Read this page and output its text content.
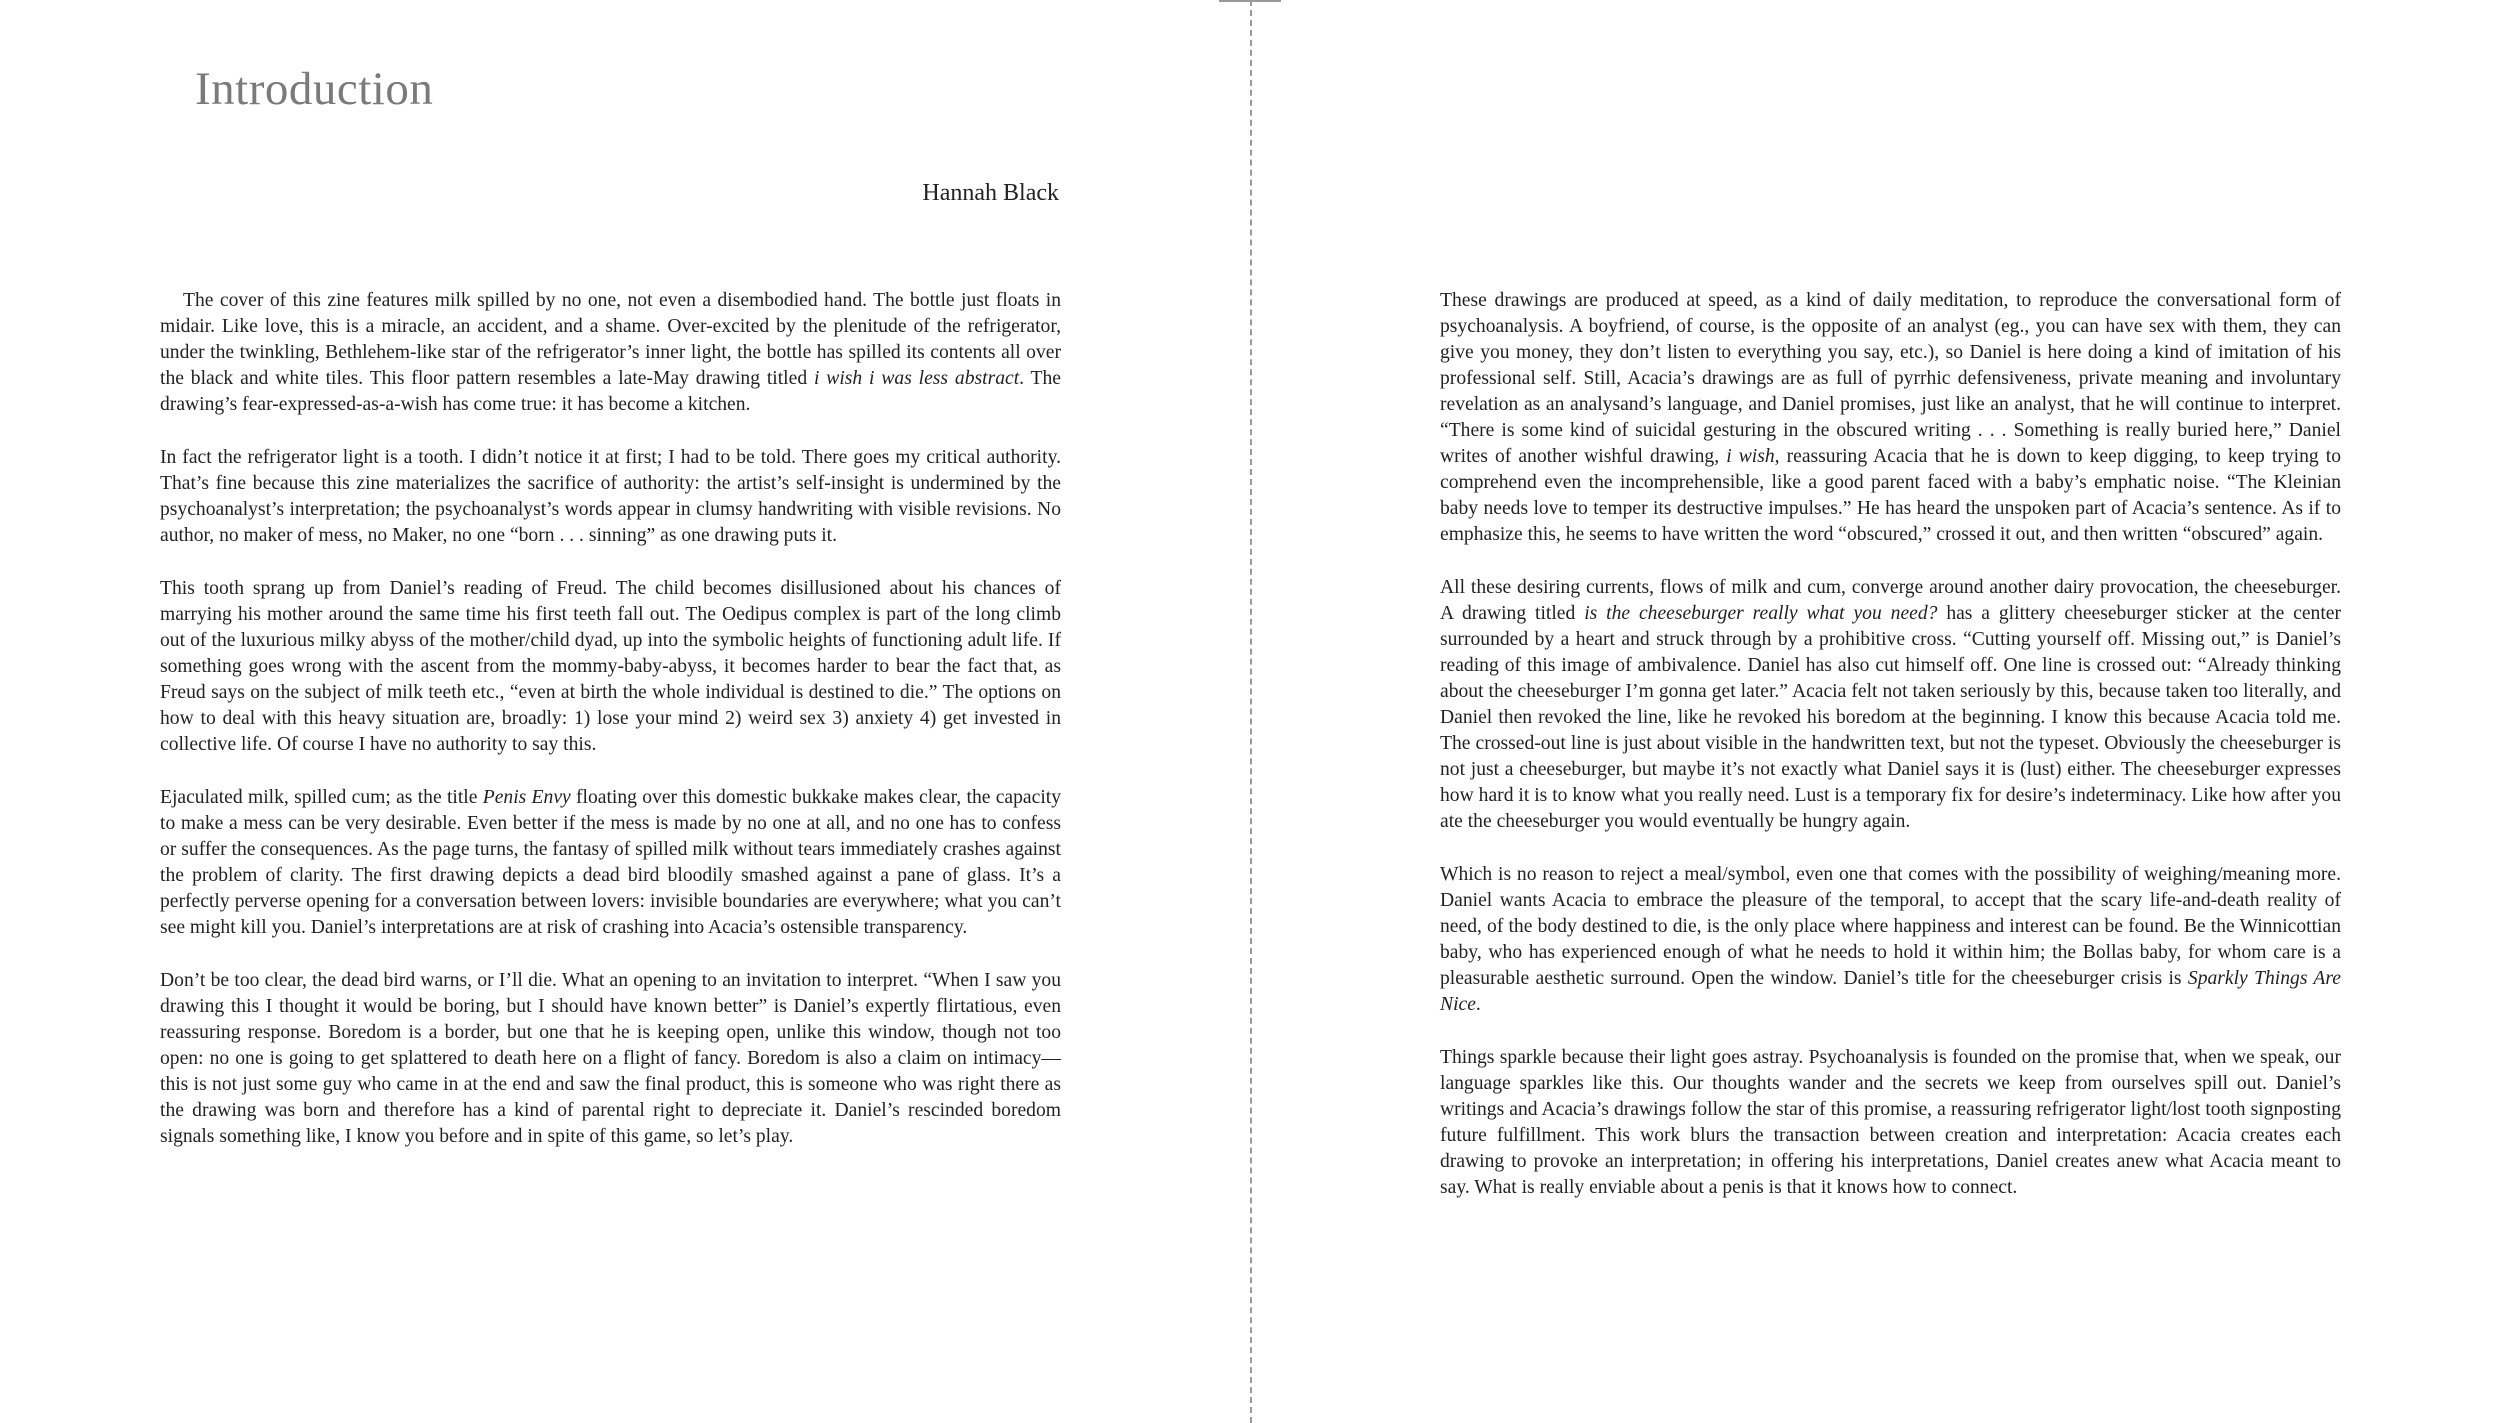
Introduction
Hannah Black

The cover of this zine features milk spilled by no one, not even a disembodied hand. The bottle just floats in midair. Like love, this is a miracle, an accident, and a shame. Over-excited by the plenitude of the refrigerator, under the twinkling, Bethlehem-like star of the refrigerator’s inner light, the bottle has spilled its contents all over the black and white tiles. This floor pattern resembles a late-May drawing titled i wish i was less abstract. The drawing’s fear-expressed-as-a-wish has come true: it has become a kitchen.

In fact the refrigerator light is a tooth. I didn’t notice it at first; I had to be told. There goes my critical authority. That’s fine because this zine materializes the sacrifice of authority: the artist’s self-insight is undermined by the psychoanalyst’s interpretation; the psychoanalyst’s words appear in clumsy handwriting with visible revisions. No author, no maker of mess, no Maker, no one “born . . . sinning” as one drawing puts it.

This tooth sprang up from Daniel’s reading of Freud. The child becomes disillusioned about his chances of marrying his mother around the same time his first teeth fall out. The Oedipus complex is part of the long climb out of the luxurious milky abyss of the mother/child dyad, up into the symbolic heights of functioning adult life. If something goes wrong with the ascent from the mommy-baby-abyss, it becomes harder to bear the fact that, as Freud says on the subject of milk teeth etc., “even at birth the whole individual is destined to die.” The options on how to deal with this heavy situation are, broadly: 1) lose your mind 2) weird sex 3) anxiety 4) get invested in collective life. Of course I have no authority to say this.

Ejaculated milk, spilled cum; as the title Penis Envy floating over this domestic bukkake makes clear, the capacity to make a mess can be very desirable. Even better if the mess is made by no one at all, and no one has to confess or suffer the consequences. As the page turns, the fantasy of spilled milk without tears immediately crashes against the problem of clarity. The first drawing depicts a dead bird bloodily smashed against a pane of glass. It’s a perfectly perverse opening for a conversation between lovers: invisible boundaries are everywhere; what you can’t see might kill you. Daniel’s interpretations are at risk of crashing into Acacia’s ostensible transparency.

Don’t be too clear, the dead bird warns, or I’ll die. What an opening to an invitation to interpret. “When I saw you drawing this I thought it would be boring, but I should have known better” is Daniel’s expertly flirtatious, even reassuring response. Boredom is a border, but one that he is keeping open, unlike this window, though not too open: no one is going to get splattered to death here on a flight of fancy. Boredom is also a claim on intimacy—this is not just some guy who came in at the end and saw the final product, this is someone who was right there as the drawing was born and therefore has a kind of parental right to depreciate it. Daniel’s rescinded boredom signals something like, I know you before and in spite of this game, so let’s play.

These drawings are produced at speed, as a kind of daily meditation, to reproduce the conversational form of psychoanalysis. A boyfriend, of course, is the opposite of an analyst (eg., you can have sex with them, they can give you money, they don’t listen to everything you say, etc.), so Daniel is here doing a kind of imitation of his professional self. Still, Acacia’s drawings are as full of pyrrhic defensiveness, private meaning and involuntary revelation as an analysand’s language, and Daniel promises, just like an analyst, that he will continue to interpret. “There is some kind of suicidal gesturing in the obscured writing . . . Something is really buried here,” Daniel writes of another wishful drawing, i wish, reassuring Acacia that he is down to keep digging, to keep trying to comprehend even the incomprehensible, like a good parent faced with a baby’s emphatic noise. “The Kleinian baby needs love to temper its destructive impulses.” He has heard the unspoken part of Acacia’s sentence. As if to emphasize this, he seems to have written the word “obscured,” crossed it out, and then written “obscured” again.

All these desiring currents, flows of milk and cum, converge around another dairy provocation, the cheeseburger. A drawing titled is the cheeseburger really what you need? has a glittery cheeseburger sticker at the center surrounded by a heart and struck through by a prohibitive cross. “Cutting yourself off. Missing out,” is Daniel’s reading of this image of ambivalence. Daniel has also cut himself off. One line is crossed out: “Already thinking about the cheeseburger I’m gonna get later.” Acacia felt not taken seriously by this, because taken too literally, and Daniel then revoked the line, like he revoked his boredom at the beginning. I know this because Acacia told me. The crossed-out line is just about visible in the handwritten text, but not the typeset. Obviously the cheeseburger is not just a cheeseburger, but maybe it’s not exactly what Daniel says it is (lust) either. The cheeseburger expresses how hard it is to know what you really need. Lust is a temporary fix for desire’s indeterminacy. Like how after you ate the cheeseburger you would eventually be hungry again.

Which is no reason to reject a meal/symbol, even one that comes with the possibility of weighing/meaning more. Daniel wants Acacia to embrace the pleasure of the temporal, to accept that the scary life-and-death reality of need, of the body destined to die, is the only place where happiness and interest can be found. Be the Winnicottian baby, who has experienced enough of what he needs to hold it within him; the Bollas baby, for whom care is a pleasurable aesthetic surround. Open the window. Daniel’s title for the cheeseburger crisis is Sparkly Things Are Nice.

Things sparkle because their light goes astray. Psychoanalysis is founded on the promise that, when we speak, our language sparkles like this. Our thoughts wander and the secrets we keep from ourselves spill out. Daniel’s writings and Acacia’s drawings follow the star of this promise, a reassuring refrigerator light/lost tooth signposting future fulfillment. This work blurs the transaction between creation and interpretation: Acacia creates each drawing to provoke an interpretation; in offering his interpretations, Daniel creates anew what Acacia meant to say. What is really enviable about a penis is that it knows how to connect.
